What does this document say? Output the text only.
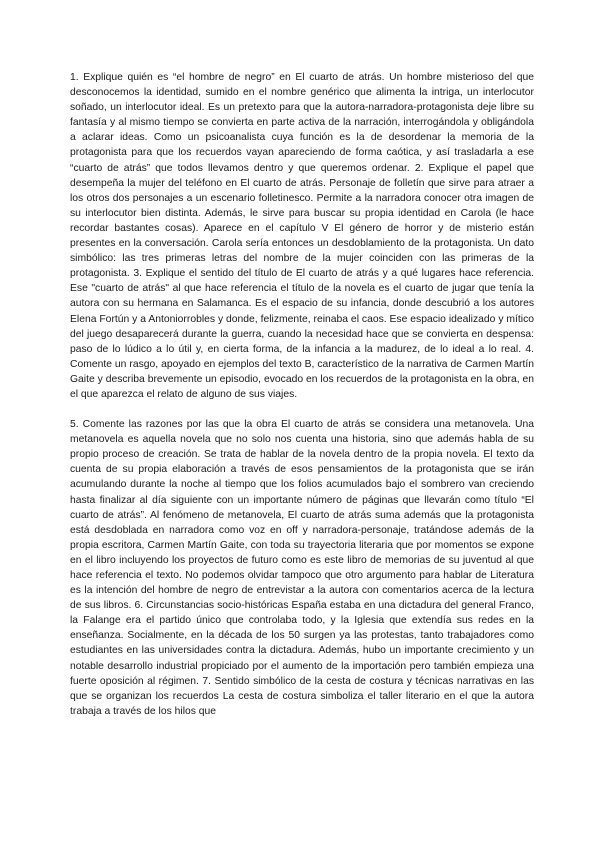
1. Explique quién es “el hombre de negro” en El cuarto de atrás. Un hombre misterioso del que desconocemos la identidad, sumido en el nombre genérico que alimenta la intriga, un interlocutor soñado, un interlocutor ideal. Es un pretexto para que la autora-narradora-protagonista deje libre su fantasía y al mismo tiempo se convierta en parte activa de la narración, interrogándola y obligándola a aclarar ideas. Como un psicoanalista cuya función es la de desordenar la memoria de la protagonista para que los recuerdos vayan apareciendo de forma caótica, y así trasladarla a ese “cuarto de atrás” que todos llevamos dentro y que queremos ordenar. 2. Explique el papel que desempeña la mujer del teléfono en El cuarto de atrás. Personaje de folletín que sirve para atraer a los otros dos personajes a un escenario folletinesco. Permite a la narradora conocer otra imagen de su interlocutor bien distinta. Además, le sirve para buscar su propia identidad en Carola (le hace recordar bastantes cosas). Aparece en el capítulo V El género de horror y de misterio están presentes en la conversación. Carola sería entonces un desdoblamiento de la protagonista. Un dato simbólico: las tres primeras letras del nombre de la mujer coinciden con las primeras de la protagonista. 3. Explique el sentido del título de El cuarto de atrás y a qué lugares hace referencia. Ese "cuarto de atrás" al que hace referencia el título de la novela es el cuarto de jugar que tenía la autora con su hermana en Salamanca. Es el espacio de su infancia, donde descubrió a los autores Elena Fortún y a Antoniorrobles y donde, felizmente, reinaba el caos. Ese espacio idealizado y mítico del juego desaparecerá durante la guerra, cuando la necesidad hace que se convierta en despensa: paso de lo lúdico a lo útil y, en cierta forma, de la infancia a la madurez, de lo ideal a lo real. 4. Comente un rasgo, apoyado en ejemplos del texto B, característico de la narrativa de Carmen Martín Gaite y describa brevemente un episodio, evocado en los recuerdos de la protagonista en la obra, en el que aparezca el relato de alguno de sus viajes.

5. Comente las razones por las que la obra El cuarto de atrás se considera una metanovela. Una metanovela es aquella novela que no solo nos cuenta una historia, sino que además habla de su propio proceso de creación. Se trata de hablar de la novela dentro de la propia novela. El texto da cuenta de su propia elaboración a través de esos pensamientos de la protagonista que se irán acumulando durante la noche al tiempo que los folios acumulados bajo el sombrero van creciendo hasta finalizar al día siguiente con un importante número de páginas que llevarán como título “El cuarto de atrás”. Al fenómeno de metanovela, El cuarto de atrás suma además que la protagonista está desdoblada en narradora como voz en off y narradora-personaje, tratándose además de la propia escritora, Carmen Martín Gaite, con toda su trayectoria literaria que por momentos se expone en el libro incluyendo los proyectos de futuro como es este libro de memorias de su juventud al que hace referencia el texto. No podemos olvidar tampoco que otro argumento para hablar de Literatura es la intención del hombre de negro de entrevistar a la autora con comentarios acerca de la lectura de sus libros. 6. Circunstancias socio-históricas España estaba en una dictadura del general Franco, la Falange era el partido único que controlaba todo, y la Iglesia que extendía sus redes en la enseñanza. Socialmente, en la década de los 50 surgen ya las protestas, tanto trabajadores como estudiantes en las universidades contra la dictadura. Además, hubo un importante crecimiento y un notable desarrollo industrial propiciado por el aumento de la importación pero también empieza una fuerte oposición al régimen. 7. Sentido simbólico de la cesta de costura y técnicas narrativas en las que se organizan los recuerdos La cesta de costura simboliza el taller literario en el que la autora trabaja a través de los hilos que
